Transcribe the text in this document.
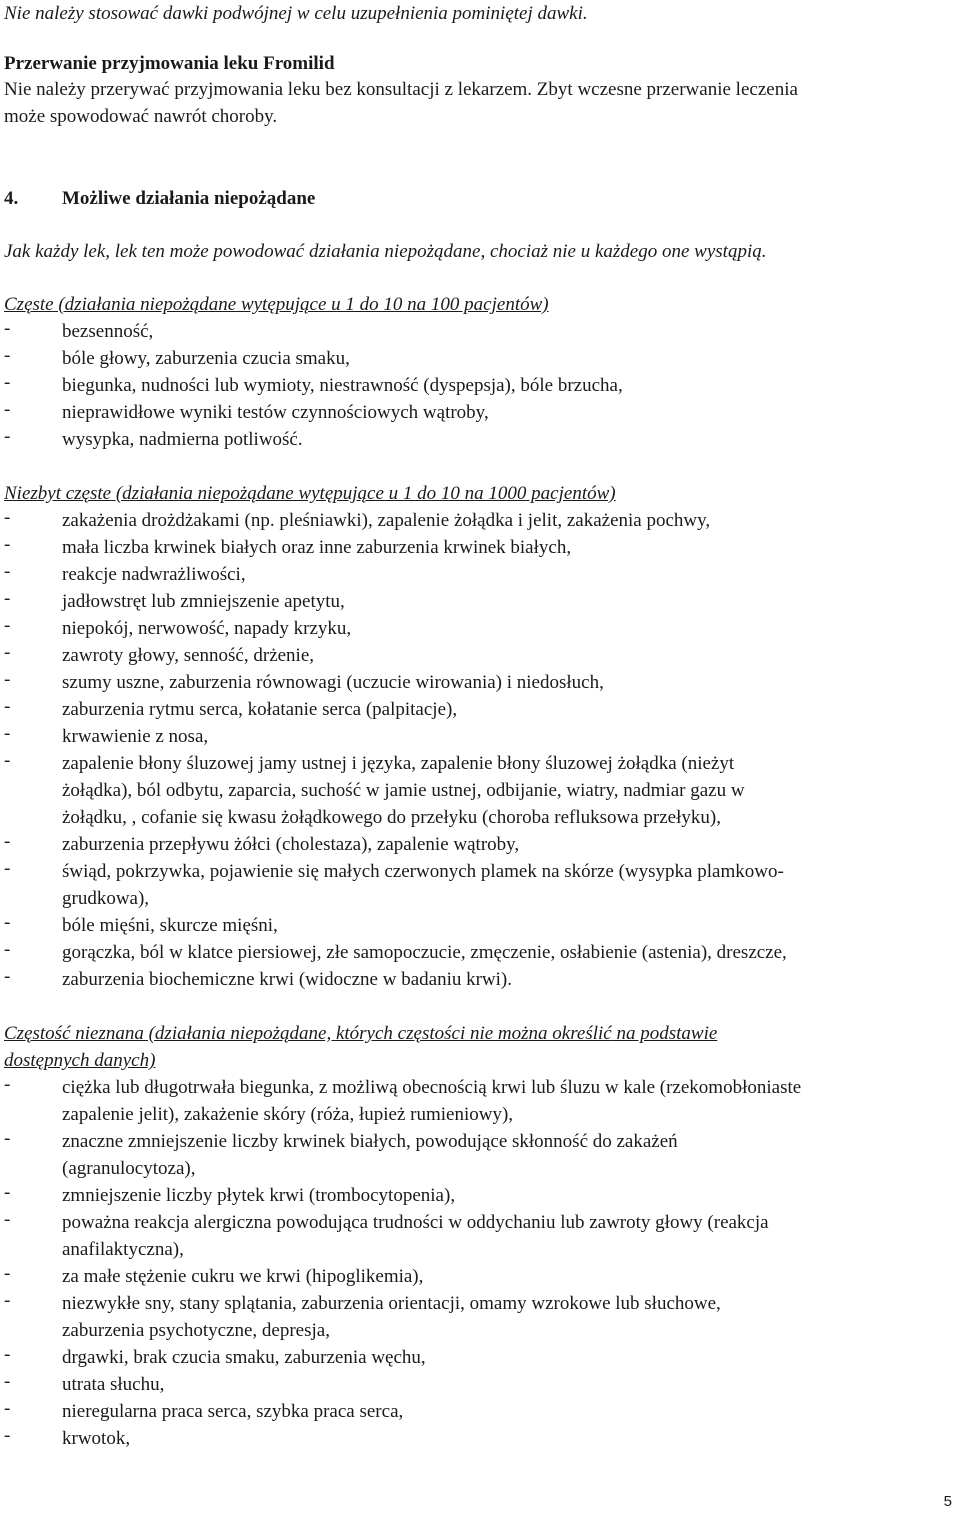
Nie należy stosować dawki podwójnej w celu uzupełnienia pominiętej dawki.
Przerwanie przyjmowania leku Fromilid
Nie należy przerywać przyjmowania leku bez konsultacji z lekarzem. Zbyt wczesne przerwanie leczenia
może spowodować nawrót choroby.
4. Możliwe działania niepożądane
Jak każdy lek, lek ten może powodować działania niepożądane, chociaż nie u każdego one wystąpią.
Częste (działania niepożądane wytępujące u 1 do 10 na 100 pacjentów)
-	bezsenność,
-	bóle głowy, zaburzenia czucia smaku,
-	biegunka, nudności lub wymioty, niestrawność (dyspepsja), bóle brzucha,
-	nieprawidłowe wyniki testów czynnościowych wątroby,
-	wysypka, nadmierna potliwość.
Niezbyt częste (działania niepożądane wytępujące u 1 do 10 na 1000 pacjentów)
-	zakażenia drożdżakami (np. pleśniawki), zapalenie żołądka i jelit, zakażenia pochwy,
-	mała liczba krwinek białych oraz inne zaburzenia krwinek białych,
-	reakcje nadwrażliwości,
-	jadłowstręt lub zmniejszenie apetytu,
-	niepokój, nerwowość, napady krzyku,
-	zawroty głowy, senność, drżenie,
-	szumy uszne, zaburzenia równowagi (uczucie wirowania) i niedosłuch,
-	zaburzenia rytmu serca, kołatanie serca (palpitacje),
-	krwawienie z nosa,
-	zapalenie błony śluzowej jamy ustnej i języka, zapalenie błony śluzowej żołądka (nieżyt
żołądka), ból odbytu, zaparcia, suchość w jamie ustnej, odbijanie, wiatry, nadmiar gazu w
żołądku, , cofanie się kwasu żołądkowego do przełyku (choroba refluksowa przełyku),
-	zaburzenia przepływu żółci (cholestaza), zapalenie wątroby,
-	świąd, pokrzywka, pojawienie się małych czerwonych plamek na skórze (wysypka plamkowo-
grudkowa),
-	bóle mięśni, skurcze mięśni,
-	gorączka, ból w klatce piersiowej, złe samopoczucie, zmęczenie, osłabienie (astenia), dreszcze,
-	zaburzenia biochemiczne krwi (widoczne w badaniu krwi).
Częstość nieznana (działania niepożądane, których częstości nie można określić na podstawie
dostępnych danych)
-	ciężka lub długotrwała biegunka, z możliwą obecnością krwi lub śluzu w kale (rzekomobłoniaste
zapalenie jelit), zakażenie skóry (róża, łupież rumieniowy),
-	znaczne zmniejszenie liczby krwinek białych, powodujące skłonność do zakażeń
(agranulocytoza),
-	zmniejszenie liczby płytek krwi (trombocytopenia),
-	poważna reakcja alergiczna powodująca trudności w oddychaniu lub zawroty głowy (reakcja
anafilaktyczna),
-	za małe stężenie cukru we krwi (hipoglikemia),
-	niezwykłe sny, stany splątania, zaburzenia orientacji, omamy wzrokowe lub słuchowe,
zaburzenia psychotyczne, depresja,
-	drgawki, brak czucia smaku, zaburzenia węchu,
-	utrata słuchu,
-	nieregularna praca serca, szybka praca serca,
-	krwotok,
5
